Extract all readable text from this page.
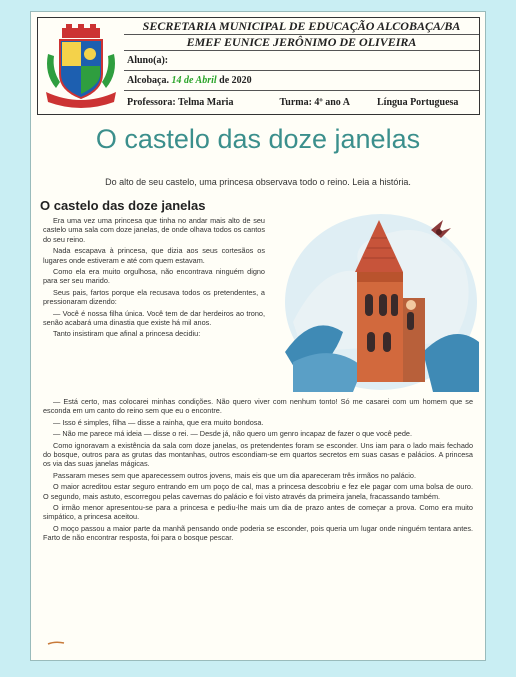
SECRETARIA MUNICIPAL DE EDUCAÇÃO ALCOBAÇA/BA
EMEF EUNICE JERÔNIMO DE OLIVEIRA
Aluno(a):
Alcobaça. 14 de Abril de 2020
Professora: Telma Maria	Turma: 4º ano A	Língua Portuguesa
O castelo das doze janelas
Do alto de seu castelo, uma princesa observava todo o reino. Leia a história.
O castelo das doze janelas

Era uma vez uma princesa que tinha no andar mais alto de seu castelo uma sala com doze janelas, de onde olhava todos os cantos do seu reino.

Nada escapava à princesa, que dizia aos seus cortesãos os lugares onde estiveram e até com quem estavam.

Como ela era muito orgulhosa, não encontrava ninguém digno para ser seu marido.

Seus pais, fartos porque ela recusava todos os pretendentes, a pressionaram dizendo:

— Você é nossa filha única. Você tem de dar herdeiros ao trono, senão acabará uma dinastia que existe há mil anos.

Tanto insistiram que afinal a princesa decidiu:

— Está certo, mas colocarei minhas condições. Não quero viver com nenhum tonto! Só me casarei com um homem que se esconda em um canto do reino sem que eu o encontre.

— Isso é simples, filha — disse a rainha, que era muito bondosa.

— Não me parece má ideia — disse o rei. — Desde já, não quero um genro incapaz de fazer o que você pede.

Como ignoravam a existência da sala com doze janelas, os pretendentes foram se esconder. Uns iam para o lado mais fechado do bosque, outros para as grutas das montanhas, outros escondiam-se em quartos secretos em suas casas e palácios. A princesa os via das suas janelas mágicas.

Passaram meses sem que aparecessem outros jovens, mais eis que um dia apareceram três irmãos no palácio.

O maior acreditou estar seguro entrando em um poço de cal, mas a princesa descobriu e fez ele pagar com uma bolsa de ouro. O segundo, mais astuto, escorregou pelas cavernas do palácio e foi visto através da primeira janela, fracassando também.

O irmão menor apresentou-se para a princesa e pediu-lhe mais um dia de prazo antes de começar a prova. Como era muito simpático, a princesa aceitou.

O moço passou a maior parte da manhã pensando onde poderia se esconder, pois queria um lugar onde ninguém tentara antes. Farto de não encontrar resposta, foi para o bosque pescar.
